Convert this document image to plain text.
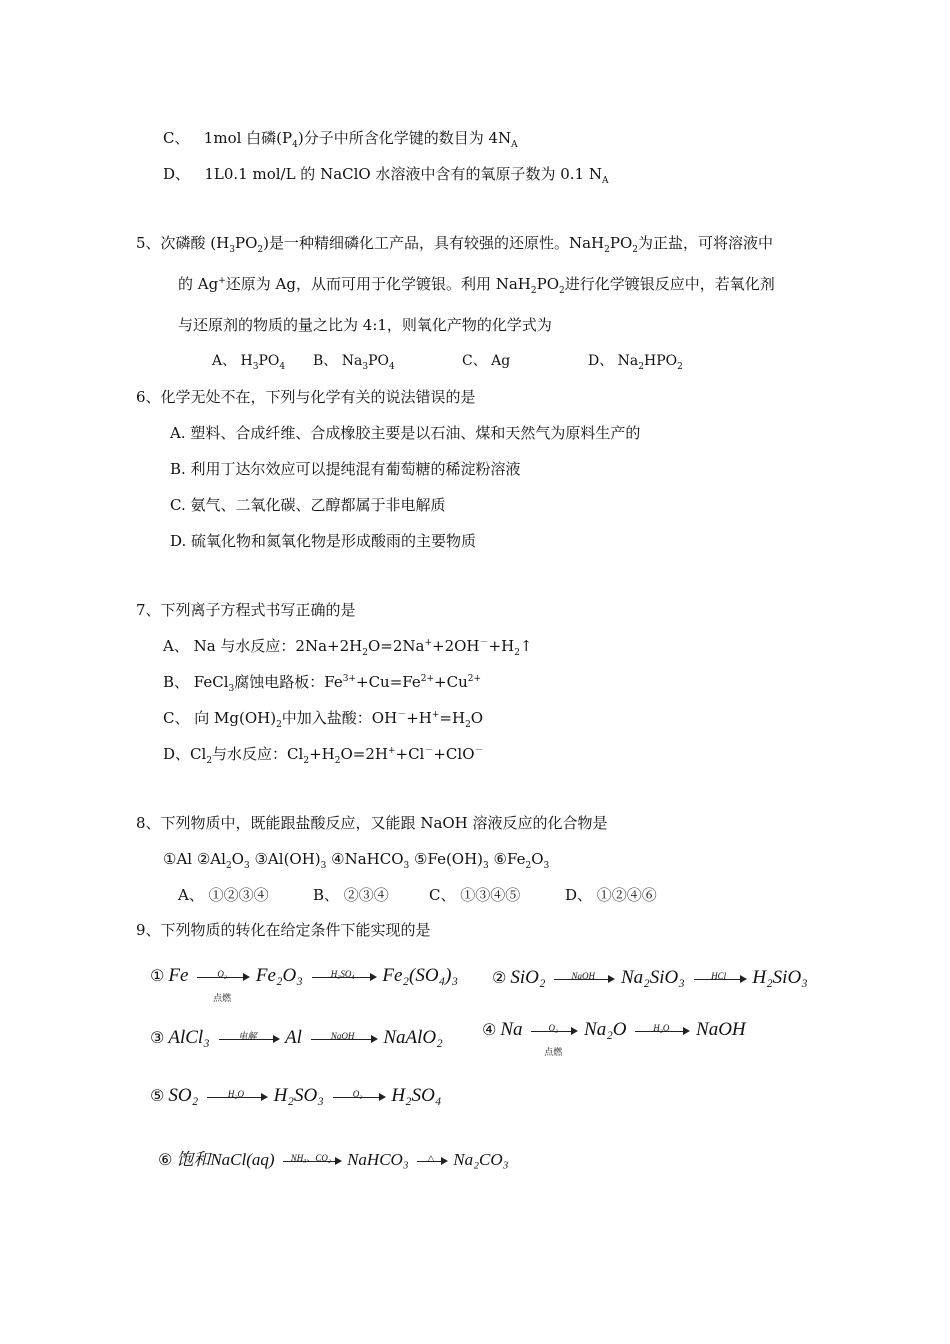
C、 1mol 白磷$(P_4)$分子中所含化学键的数目为 $4N_A$
D、 1L0.1 mol/L 的 NaClO 水溶液中含有的氧原子数为 0.1 $N_A$
5、次磷酸 $(H_3PO_2)$是一种精细磷化工产品，具有较强的还原性。$NaH_2PO_2$为正盐，可将溶液中
的 Ag+还原为 Ag，从而可用于化学镀银。利用 $NaH_2PO_2$进行化学镀银反应中，若氧化剂
与还原剂的物质的量之比为 4:1，则氧化产物的化学式为
A、 $H_3PO_4$ B、 $Na_3PO_4$	C、 Ag	D、 $Na_2HPO_2$
6、化学无处不在，下列与化学有关的说法错误的是
A. 塑料、合成纤维、合成橡胶主要是以石油、煤和天然气为原料生产的
B. 利用丁达尔效应可以提纯混有葡萄糖的稀淀粉溶液
C. 氨气、二氧化碳、乙醇都属于非电解质
D. 硫氧化物和氮氧化物是形成酸雨的主要物质
7、下列离子方程式书写正确的是
A、 Na 与水反应：$2Na+2H_2O=2Na^++2OH^-+H_2↑$
B、 FeCl$_3$腐蚀电路板：$Fe^{3+}+Cu=Fe^{2+}+Cu^{2+}$
C、 向 $Mg(OH)_2$中加入盐酸：$OH^-+H^+=H_2O$
D、$Cl_2$与水反应：$Cl_2+H_2O=2H^++Cl^-+ClO^-$
8、下列物质中，既能跟盐酸反应，又能跟 NaOH 溶液反应的化合物是
①Al $②Al_2O_3$ $③Al(OH)_3$ ④NaHCO$_3$ $⑤Fe(OH)_3$ $⑥Fe_2O_3$
A、 ①②③④	B、 ②③④	C、 ①③④⑤	D、 ①②④⑥
9、下列物质的转化在给定条件下能实现的是
① Fe	O₂
点燃
Fe₂O₃	H₂SO₄	Fe₂(SO₄)₃ ② SiO₂	NaOH	Na₂SiO₃	HCl	H₂SiO₃
③ AlCl₃	电解	Al	NaOH	NaAlO₂ ④ Na	O₂
点燃
Na₂O	H₂O	NaOH
⑤ SO₂	H₂O	H₂SO₃	O₂	H₂SO₄
⑥ 饱和NaCl(aq)	NH₃、CO₂ NaHCO₃	△	Na₂CO₃
